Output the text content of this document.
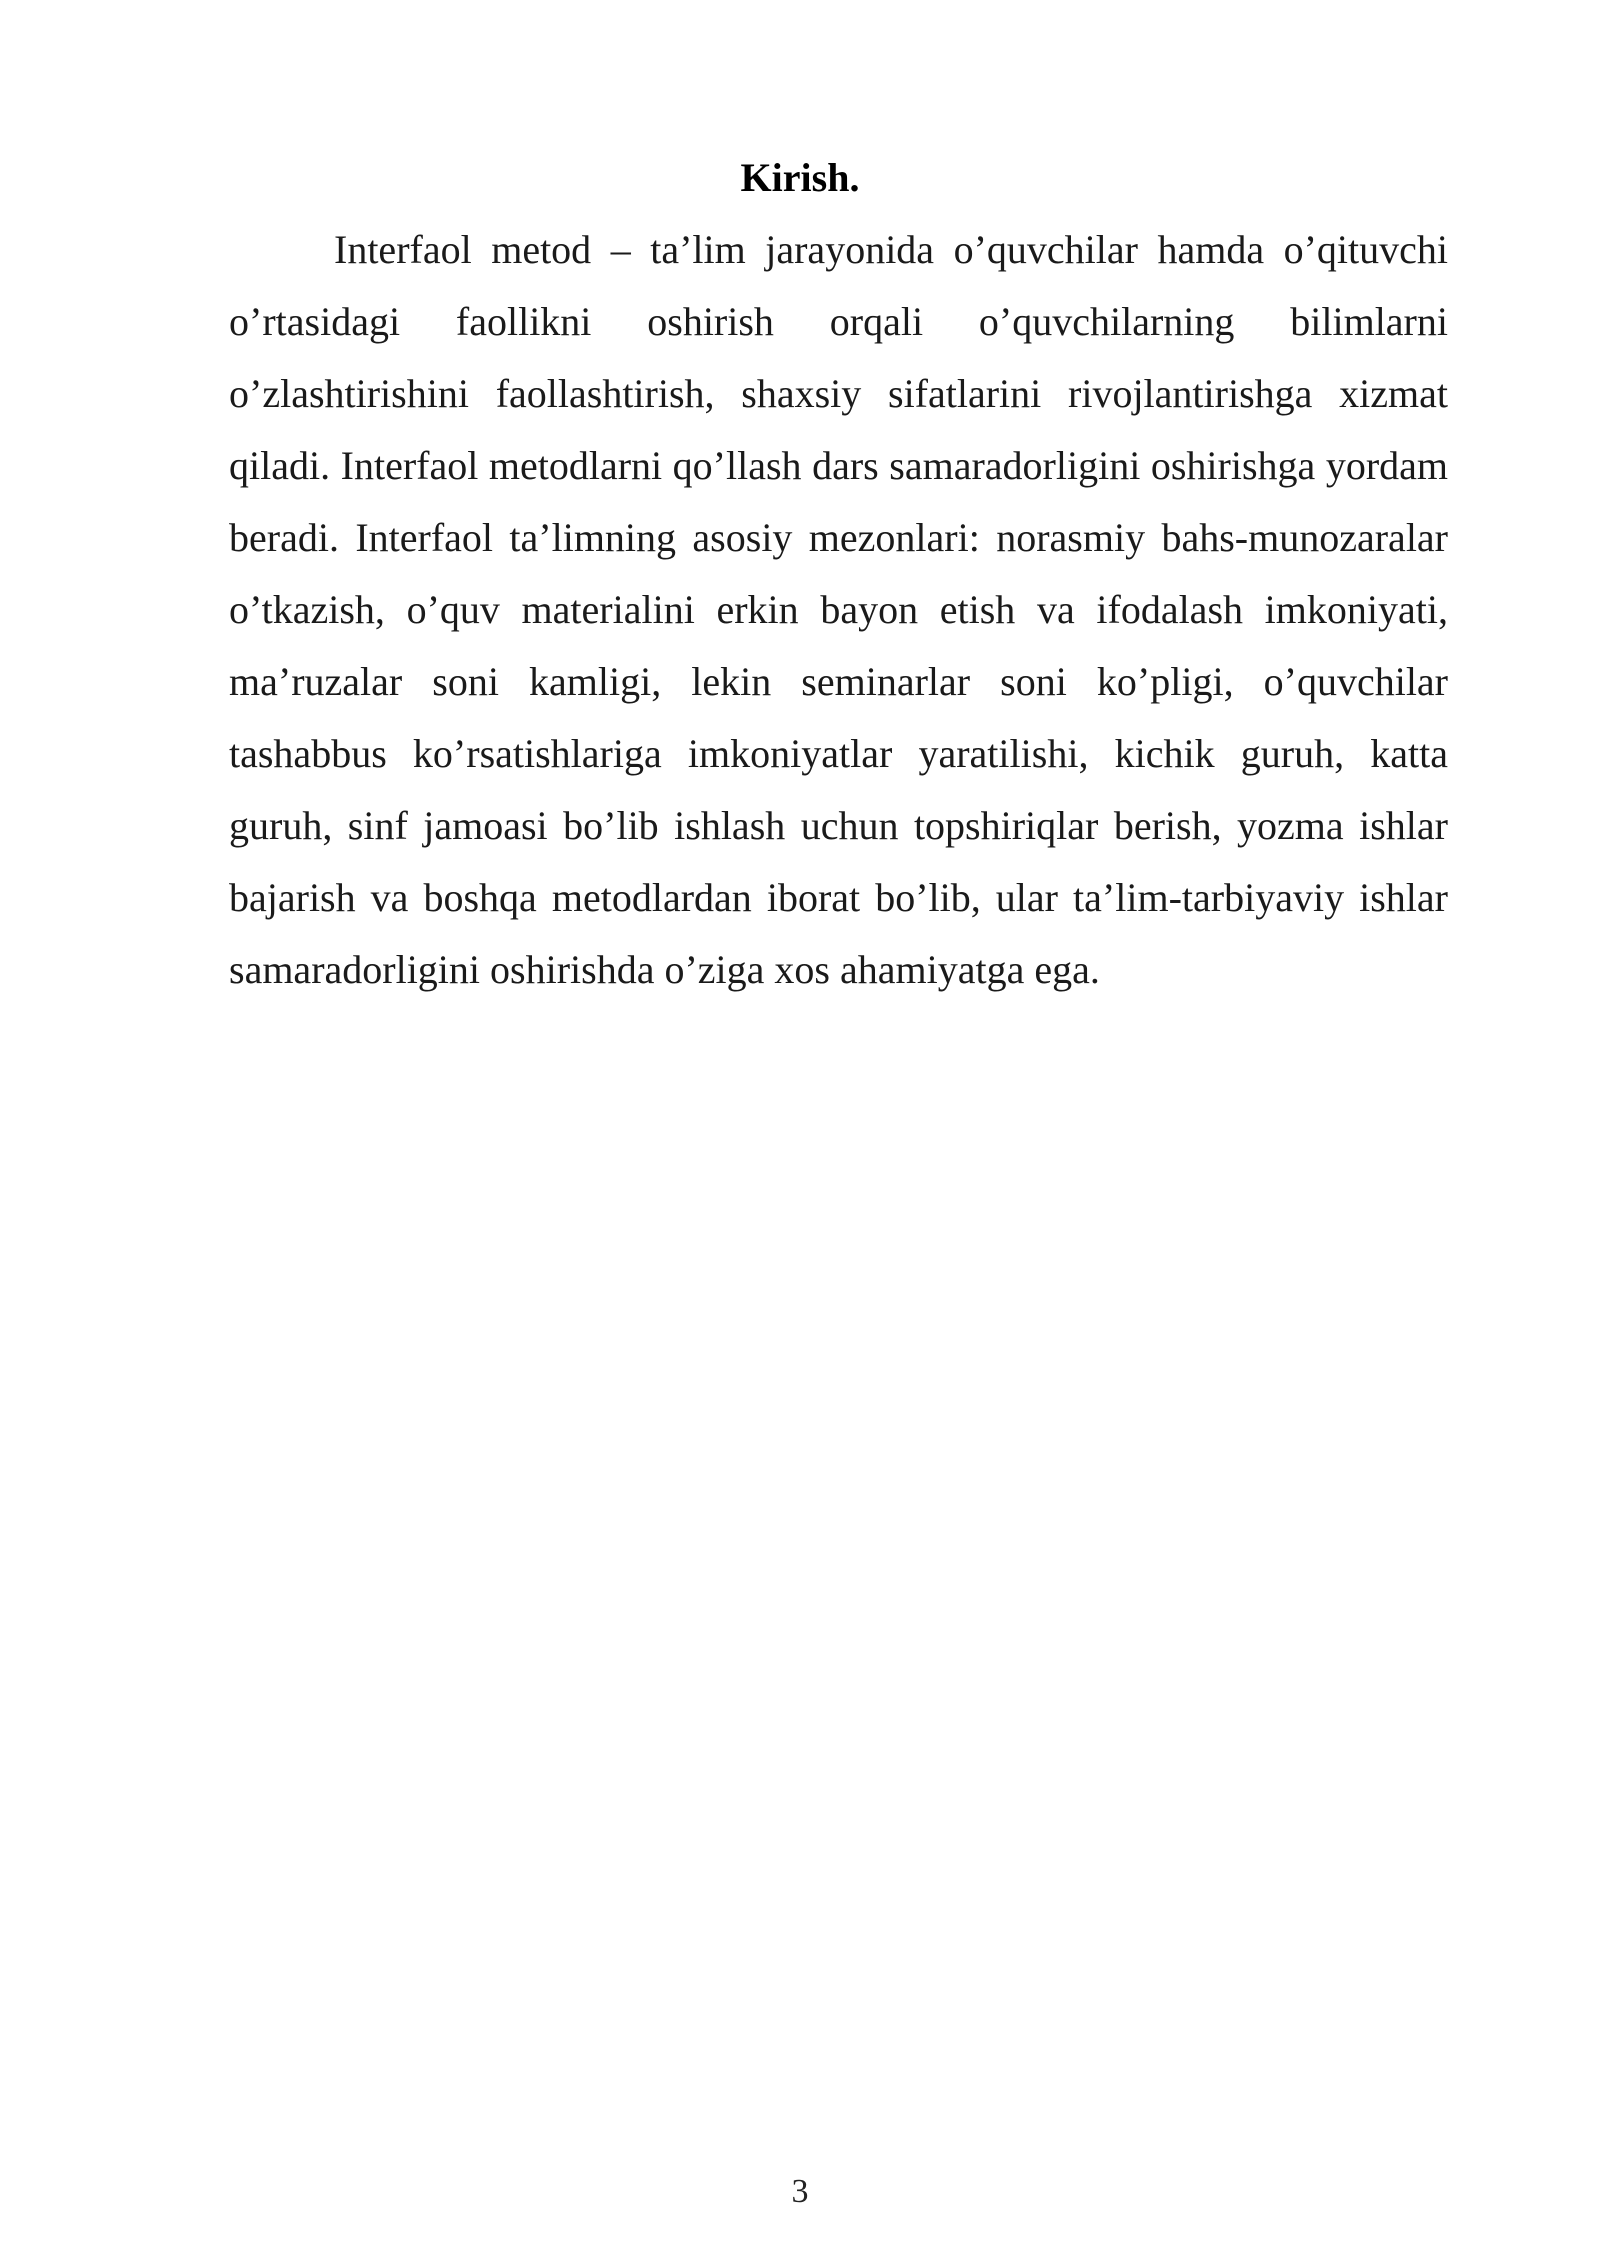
Kirish.

Interfaol metod – ta’lim jarayonida o’quvchilar hamda o’qituvchi o’rtasidagi faollikni oshirish orqali o’quvchilarning bilimlarni o’zlashtirishini faollashtirish, shaxsiy sifatlarini rivojlantirishga xizmat qiladi. Interfaol metodlarni qo’llash dars samaradorligini oshirishga yordam beradi. Interfaol ta’limning asosiy mezonlari: norasmiy bahs-munozaralar o’tkazish, o’quv materialini erkin bayon etish va ifodalash imkoniyati, ma’ruzalar soni kamligi, lekin seminarlar soni ko’pligi, o’quvchilar tashabbus ko’rsatishlariga imkoniyatlar yaratilishi, kichik guruh, katta guruh, sinf jamoasi bo’lib ishlash uchun topshiriqlar berish, yozma ishlar bajarish va boshqa metodlardan iborat bo’lib, ular ta’lim-tarbiyaviy ishlar samaradorligini oshirishda o’ziga xos ahamiyatga ega.

3
